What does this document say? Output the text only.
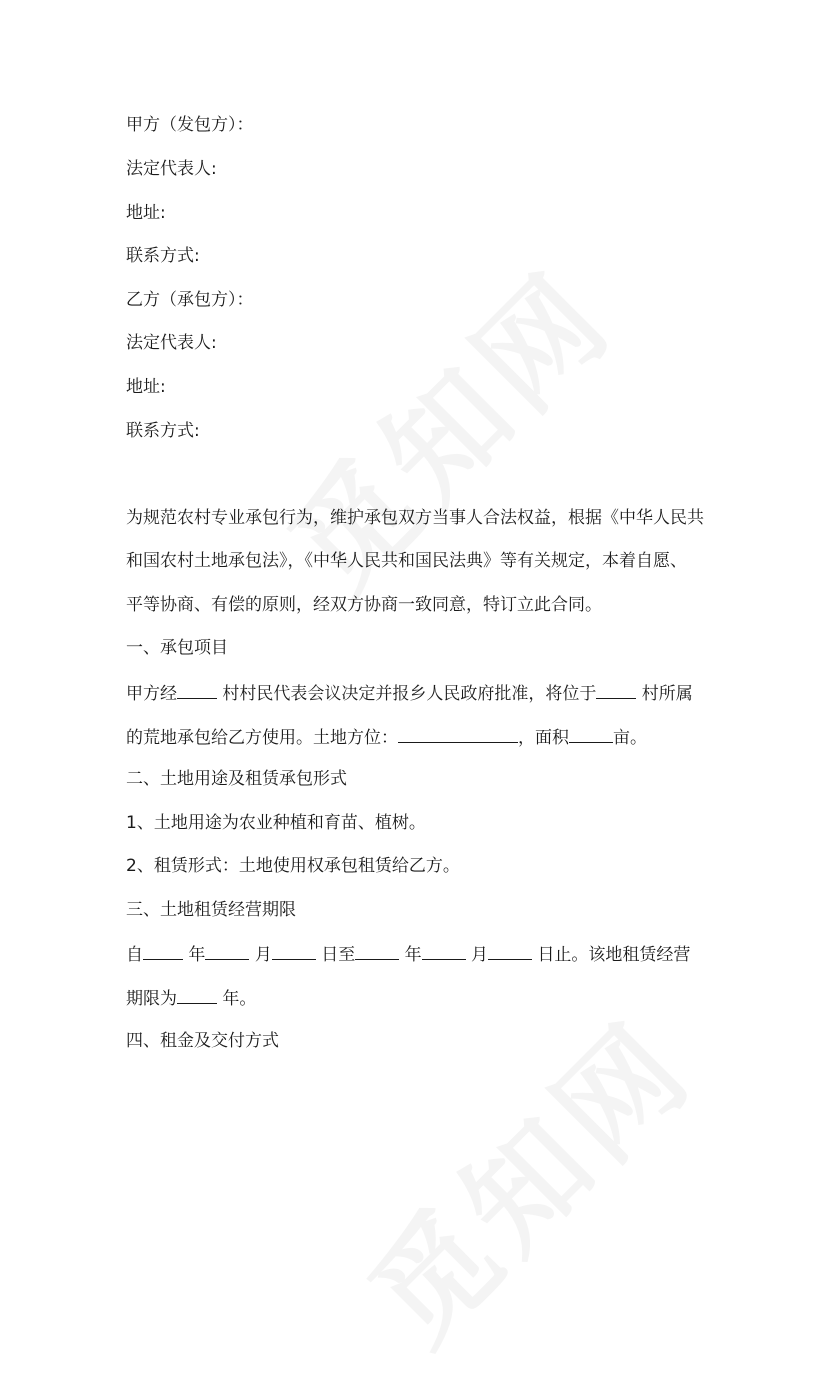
甲方（发包方）：

法定代表人:

地址:

联系方式:

乙方（承包方）：

法定代表人:

地址:

联系方式:

为规范农村专业承包行为，维护承包双方当事人合法权益，根据《中华人民共

和国农村土地承包法》，《中华人民共和国民法典》等有关规定，本着自愿、

平等协商、有偿的原则，经双方协商一致同意，特订立此合同。

一、承包项目

甲方经 村村民代表会议决定并报乡人民政府批准，将位于 村所属

的荒地承包给乙方使用。土地方位：	，面积	亩。

二、土地用途及租赁承包形式

1、土地用途为农业种植和育苗、植树。

2、租赁形式：土地使用权承包租赁给乙方。

三、土地租赁经营期限

自	年	月	日至	年	月	日止。该地租赁经营

期限为	年。

四、租金及交付方式
